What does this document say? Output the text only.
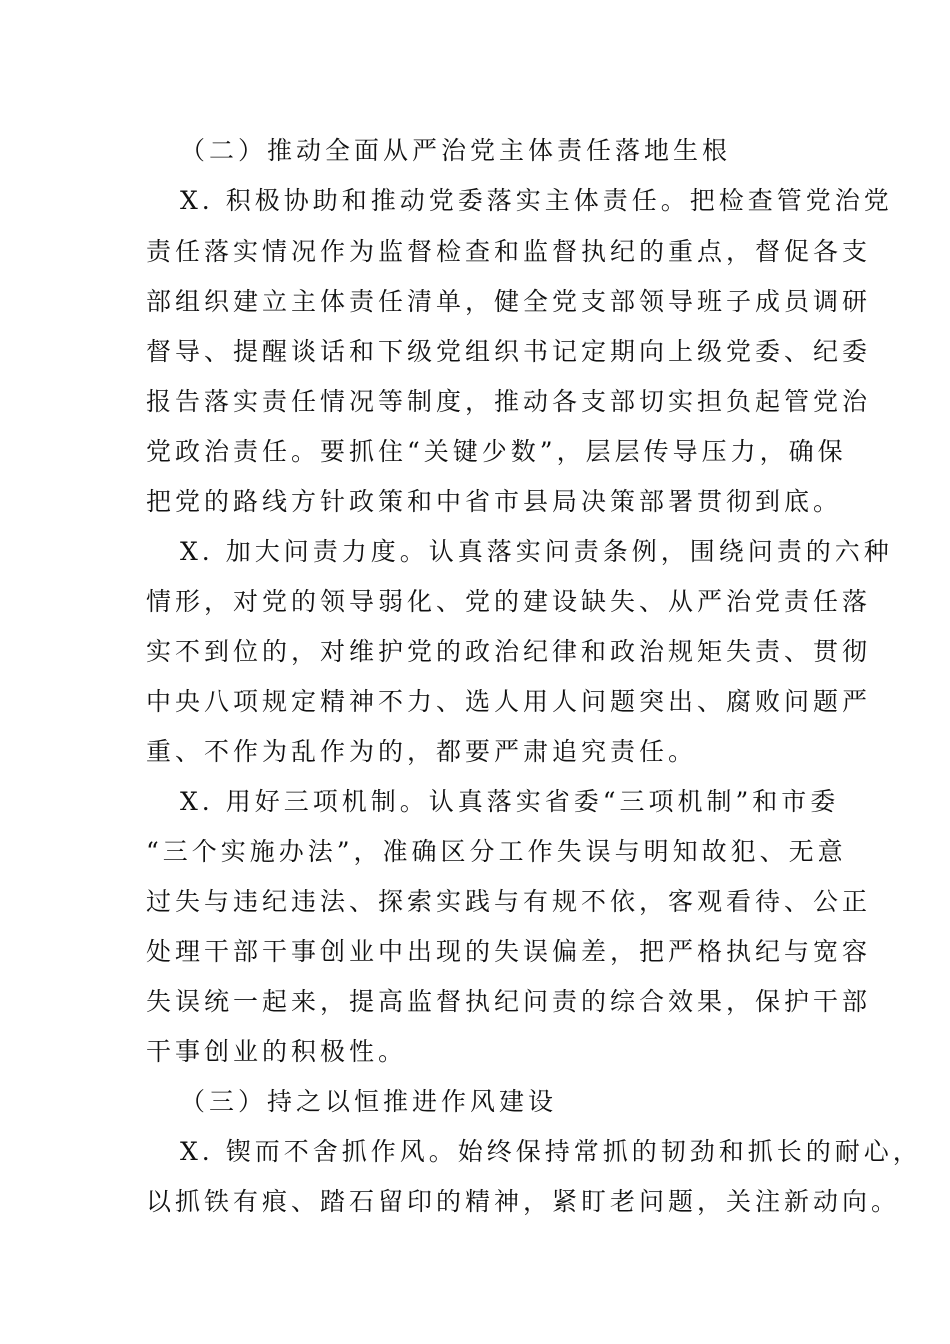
（二）推动全面从严治党主体责任落地生根
X. 积极协助和推动党委落实主体责任。把检查管党治党
责任落实情况作为监督检查和监督执纪的重点，督促各支
部组织建立主体责任清单，健全党支部领导班子成员调研
督导、提醒谈话和下级党组织书记定期向上级党委、纪委
报告落实责任情况等制度，推动各支部切实担负起管党治
党政治责任。要抓住“关键少数”，层层传导压力，确保
把党的路线方针政策和中省市县局决策部署贯彻到底。
X. 加大问责力度。认真落实问责条例，围绕问责的六种
情形，对党的领导弱化、党的建设缺失、从严治党责任落
实不到位的，对维护党的政治纪律和政治规矩失责、贯彻
中央八项规定精神不力、选人用人问题突出、腐败问题严
重、不作为乱作为的，都要严肃追究责任。
X. 用好三项机制。认真落实省委“三项机制”和市委
“三个实施办法”，准确区分工作失误与明知故犯、无意
过失与违纪违法、探索实践与有规不依，客观看待、公正
处理干部干事创业中出现的失误偏差，把严格执纪与宽容
失误统一起来，提高监督执纪问责的综合效果，保护干部
干事创业的积极性。
（三）持之以恒推进作风建设
X. 锲而不舍抓作风。始终保持常抓的韧劲和抓长的耐心，
以抓铁有痕、踏石留印的精神，紧盯老问题，关注新动向。
